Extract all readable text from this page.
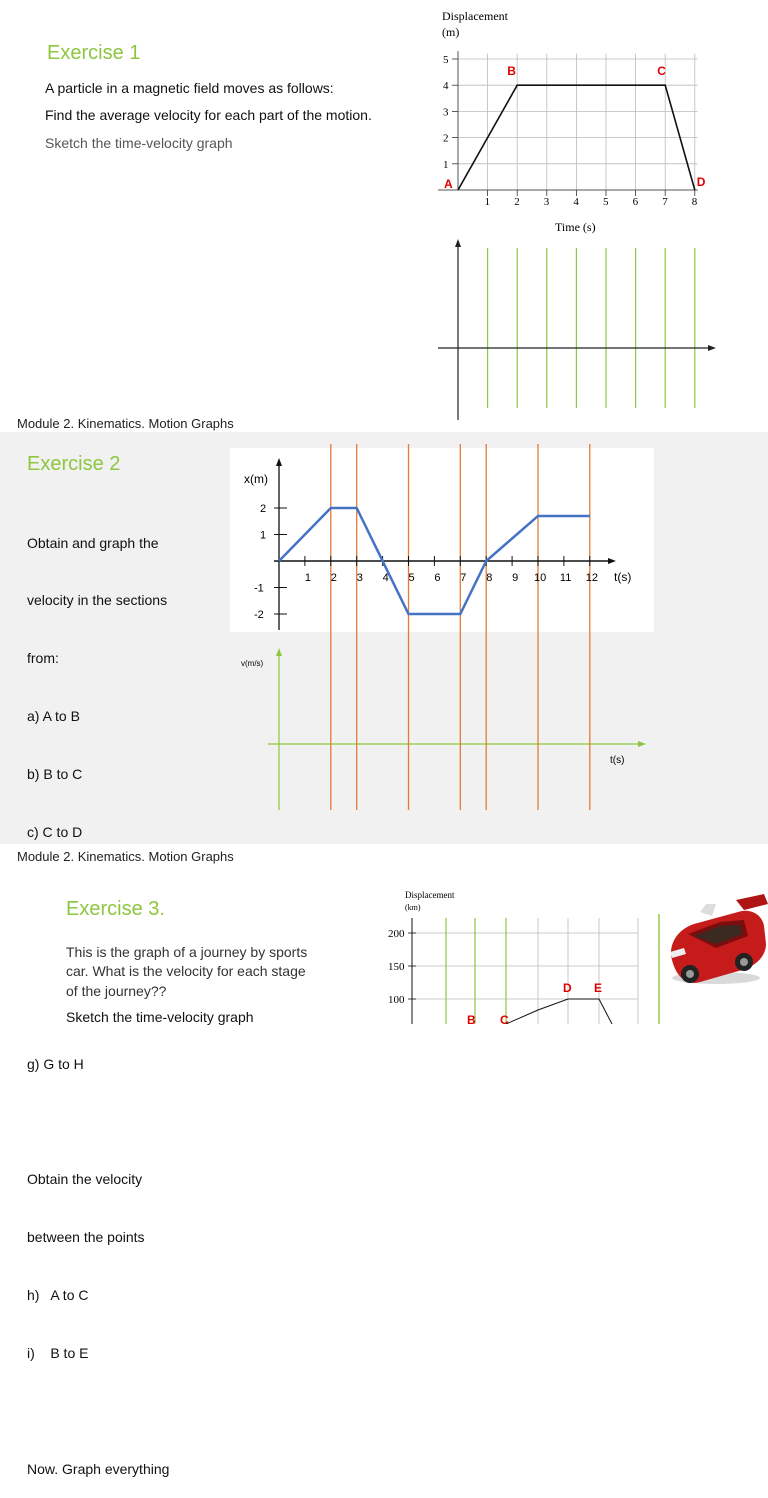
Exercise 1
A particle in a magnetic field moves as follows:
Find the average velocity for each part of the motion.
Sketch the time-velocity graph
Displacement
(m)
1 2 3 4 5 6 7 8
1
2
3
4
5
A
B	C
D
Time (s)
Module 2. Kinematics. Motion Graphs
Exercise 2

Obtain and graph the

velocity in the sections

from:

a) A to B

b) B to C

c) C to D

g) G to H

Obtain the velocity

between the points

h)   A to C

i)    B to E

Now. Graph everything

v(m/s)
t(s)
1 2 3 4 5 6 7 8 9 10 11 12
2
1
-1
-2
x(m)
t(s)
Module 2. Kinematics. Motion Graphs
Exercise 3.
This is the graph of a journey by sports
car. What is the velocity for each stage
of the journey??
Sketch the time-velocity graph
Displacement
(km)
200
150
100
B C
D E
